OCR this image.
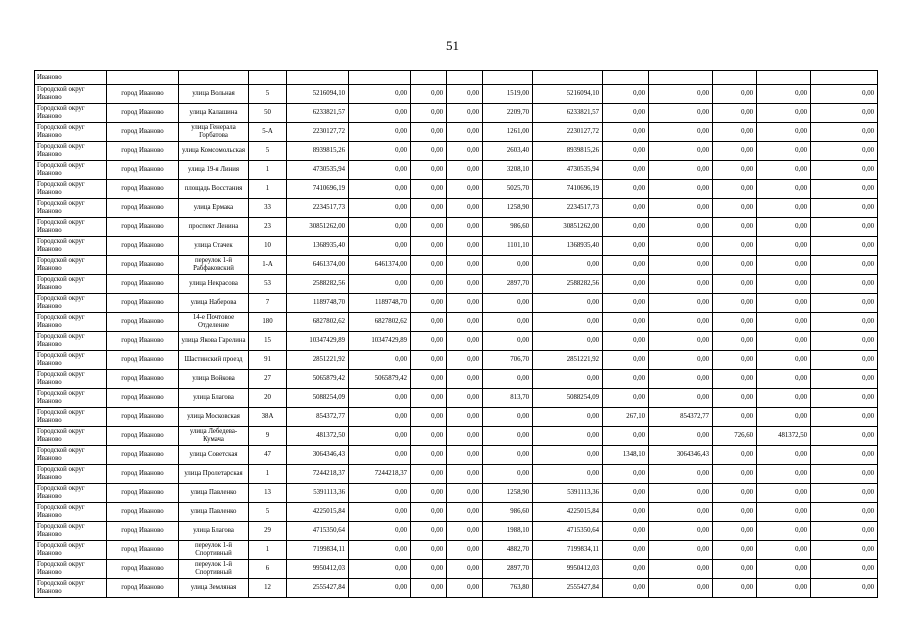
51
Иваново														
Городской округ Иваново	город Иваново	улица Вольная	5	5216094,10	0,00	0,00	0,00	1519,00	5216094,10	0,00	0,00	0,00	0,00	0,00
Городской округ Иваново	город Иваново	улица Калашина	50	6233821,57	0,00	0,00	0,00	2209,70	6233821,57	0,00	0,00	0,00	0,00	0,00
Городской округ Иваново	город Иваново	улица Генерала Горбатова	5-А	2230127,72	0,00	0,00	0,00	1261,00	2230127,72	0,00	0,00	0,00	0,00	0,00
Городской округ Иваново	город Иваново	улица Комсомольская	5	8939815,26	0,00	0,00	0,00	2603,40	8939815,26	0,00	0,00	0,00	0,00	0,00
Городской округ Иваново	город Иваново	улица 19-я Линия	1	4730535,94	0,00	0,00	0,00	3208,10	4730535,94	0,00	0,00	0,00	0,00	0,00
Городской округ Иваново	город Иваново	площадь Восстания	1	7410696,19	0,00	0,00	0,00	5025,70	7410696,19	0,00	0,00	0,00	0,00	0,00
Городской округ Иваново	город Иваново	улица Ермака	33	2234517,73	0,00	0,00	0,00	1258,90	2234517,73	0,00	0,00	0,00	0,00	0,00
Городской округ Иваново	город Иваново	проспект Ленина	23	30851262,00	0,00	0,00	0,00	986,60	30851262,00	0,00	0,00	0,00	0,00	0,00
Городской округ Иваново	город Иваново	улица Стачек	10	1368935,40	0,00	0,00	0,00	1101,10	1368935,40	0,00	0,00	0,00	0,00	0,00
Городской округ Иваново	город Иваново	переулок 1-й Рабфаковский	1-А	6461374,00	6461374,00	0,00	0,00	0,00	0,00	0,00	0,00	0,00	0,00	0,00
Городской округ Иваново	город Иваново	улица Некрасова	53	2588282,56	0,00	0,00	0,00	2897,70	2588282,56	0,00	0,00	0,00	0,00	0,00
Городской округ Иваново	город Иваново	улица Наберова	7	1189748,70	1189748,70	0,00	0,00	0,00	0,00	0,00	0,00	0,00	0,00	0,00
Городской округ Иваново	город Иваново	14-е Почтовое Отделение	180	6827802,62	6827802,62	0,00	0,00	0,00	0,00	0,00	0,00	0,00	0,00	0,00
Городской округ Иваново	город Иваново	улица Якова Гарелина	15	10347429,89	10347429,89	0,00	0,00	0,00	0,00	0,00	0,00	0,00	0,00	0,00
Городской округ Иваново	город Иваново	Шастинский проезд	91	2851221,92	0,00	0,00	0,00	706,70	2851221,92	0,00	0,00	0,00	0,00	0,00
Городской округ Иваново	город Иваново	улица Войкова	27	5065879,42	5065879,42	0,00	0,00	0,00	0,00	0,00	0,00	0,00	0,00	0,00
Городской округ Иваново	город Иваново	улица Благова	20	5088254,09	0,00	0,00	0,00	813,70	5088254,09	0,00	0,00	0,00	0,00	0,00
Городской округ Иваново	город Иваново	улица Московская	38А	854372,77	0,00	0,00	0,00	0,00	0,00	267,10	854372,77	0,00	0,00	0,00
Городской округ Иваново	город Иваново	улица Лебедева-Кумача	9	481372,50	0,00	0,00	0,00	0,00	0,00	0,00	0,00	726,60	481372,50	0,00
Городской округ Иваново	город Иваново	улица Советская	47	3064346,43	0,00	0,00	0,00	0,00	0,00	1348,10	3064346,43	0,00	0,00	0,00
Городской округ Иваново	город Иваново	улица Пролетарская	1	7244218,37	7244218,37	0,00	0,00	0,00	0,00	0,00	0,00	0,00	0,00	0,00
Городской округ Иваново	город Иваново	улица Павленко	13	5391113,36	0,00	0,00	0,00	1258,90	5391113,36	0,00	0,00	0,00	0,00	0,00
Городской округ Иваново	город Иваново	улица Павленко	5	4225015,84	0,00	0,00	0,00	986,60	4225015,84	0,00	0,00	0,00	0,00	0,00
Городской округ Иваново	город Иваново	улица Благова	29	4715350,64	0,00	0,00	0,00	1988,10	4715350,64	0,00	0,00	0,00	0,00	0,00
Городской округ Иваново	город Иваново	переулок 1-й Спортивный	1	7199834,11	0,00	0,00	0,00	4882,70	7199834,11	0,00	0,00	0,00	0,00	0,00
Городской округ Иваново	город Иваново	переулок 1-й Спортивный	6	9950412,03	0,00	0,00	0,00	2897,70	9950412,03	0,00	0,00	0,00	0,00	0,00
Городской округ Иваново	город Иваново	улица Земляная	12	2555427,84	0,00	0,00	0,00	763,80	2555427,84	0,00	0,00	0,00	0,00	0,00
